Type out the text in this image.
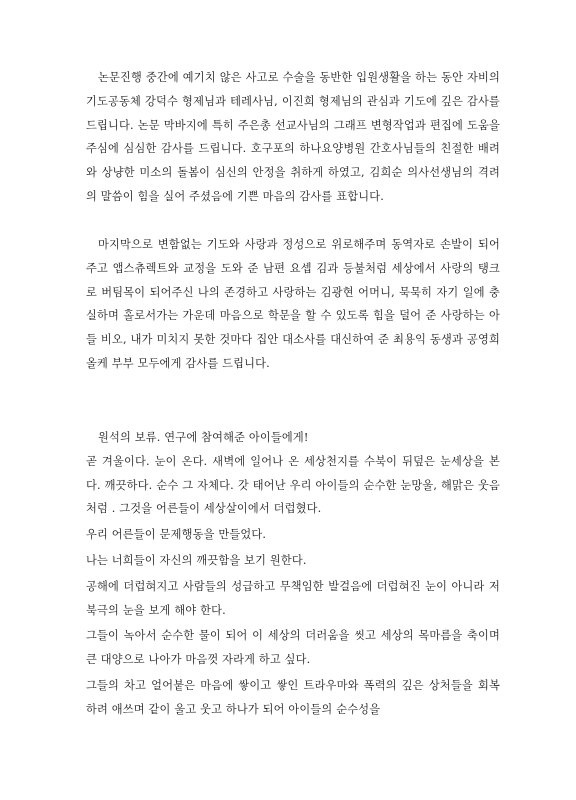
논문진행 중간에 예기치 않은 사고로 수술을 동반한 입원생활을 하는 동안 자비의 기도공동체 강덕수 형제님과 테레사님, 이진희 형제님의 관심과 기도에 깊은 감사를 드립니다. 논문 막바지에 특히 주은총 선교사님의 그래프 변형작업과 편집에 도움을 주심에 심심한 감사를 드립니다. 호구포의 하나요양병원 간호사님들의 친절한 배려와 상냥한 미소의 돌봄이 심신의 안정을 취하게 하였고, 김희순 의사선생님의 격려의 말씀이 힘을 실어 주셨음에 기쁜 마음의 감사를 표합니다.

마지막으로 변함없는 기도와 사랑과 정성으로 위로해주며 동역자로 손발이 되어주고 앱스츄렉트와 교정을 도와 준 남편 요셉 김과 등불처럼 세상에서 사랑의 탱크로 버팀목이 되어주신 나의 존경하고 사랑하는 김광현 어머니, 묵묵히 자기 일에 충실하며 홀로서가는 가운데 마음으로 학문을 할 수 있도록 힘을 덜어 준 사랑하는 아들 비오, 내가 미치지 못한 것마다 집안 대소사를 대신하여 준 최용익 동생과 공영희 올케 부부 모두에게 감사를 드립니다.

원석의 보류. 연구에 참여해준 아이들에게!

곧 겨울이다. 눈이 온다. 새벽에 일어나 온 세상천지를 수북이 뒤덮은 눈세상을 본다. 깨끗하다. 순수 그 자체다. 갓 태어난 우리 아이들의 순수한 눈망울, 해맑은 웃음처럼 . 그것을 어른들이 세상살이에서 더럽혔다.

우리 어른들이 문제행동을 만들었다.

나는 너희들이 자신의 깨끗함을 보기 원한다.

공해에 더럽혀지고 사람들의 성급하고 무책임한 발걸음에 더럽혀진 눈이 아니라 저 북극의 눈을 보게 해야 한다.

그들이 녹아서 순수한 물이 되어 이 세상의 더러움을 씻고 세상의 목마름을 축이며 큰 대양으로 나아가 마음껏 자라게 하고 싶다.

그들의 차고 얼어붙은 마음에 쌓이고 쌓인 트라우마와 폭력의 깊은 상처들을 회복 하려 애쓰며 같이 울고 웃고 하나가 되어 아이들의 순수성을
